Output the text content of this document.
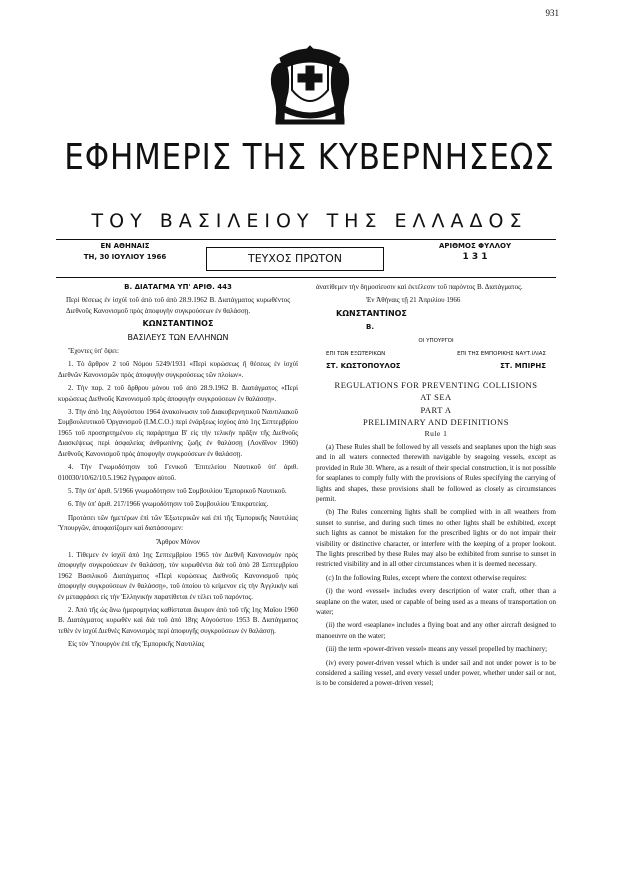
931
ΕΦΗΜΕΡΙΣ ΤΗΣ ΚΥΒΕΡΝΗΣΕΩΣ
ΤΟΥ ΒΑΣΙΛΕΙΟΥ ΤΗΣ ΕΛΛΑΔΟΣ
ΕΝ ΑΘΗΝΑΙΣ
ΤΗ, 30 ΙΟΥΛΙΟΥ 1966	ΤΕΥΧΟΣ ΠΡΩΤΟΝ
ΑΡΙΘΜΟΣ ΦΥΛΛΟΥ
1 3 1

Β. ΔΙΑΤΑΓΜΑ ΥΠ' ΑΡΙΘ. 443

Περί θέσεως ἐν ἰσχύϊ τοῦ ἀπὸ τοῦ ἀπὸ 28.9.1962 Β. Διατάγματος κυρωθέντος Διεθνοῦς Κανονισμοῦ πρὸς ἀποφυγὴν συγκρούσεων ἐν θαλάσσῃ.

ΚΩΝΣΤΑΝΤΙΝΟΣ

ΒΑΣΙΛΕΥΣ ΤΩΝ ΕΛΛΗΝΩΝ

Ἔχοντες ὑπ' ὄψει:

1. Τὸ ἄρθρον 2 τοῦ Νόμου 5249/1931 «Περὶ κυρώσεως ἢ θέσεως ἐν ἰσχύϊ Διεθνῶν Κανονισμῶν πρὸς ἀποφυγὴν συγκρούσεως τῶν πλοίων».

2. Τὴν παρ. 2 τοῦ ἄρθρου μόνου τοῦ ἀπὸ 28.9.1962 Β. Διατάγματος «Περὶ κυρώσεως Διεθνοῦς Κανονισμοῦ πρὸς ἀποφυγὴν συγκρούσεων ἐν θαλάσσῃ».

3. Τὴν ἀπὸ 1ης Αὐγούστου 1964 ἀνακοίνωσιν τοῦ Διακυβερνητικοῦ Ναυτιλιακοῦ Συμβουλευτικοῦ Ὀργανισμοῦ (Ι.Μ.C.Ο.) περὶ ἐνάρξεως ἰσχύος ἀπὸ 1ης Σεπτεμβρίου 1965 τοῦ προσηρτημένου εἰς παράρτημα Β' εἰς τὴν τελικὴν πρᾶξιν τῆς Διεθνοῦς Διασκέψεως περὶ ἀσφαλείας ἀνθρωπίνης ζωῆς ἐν θαλάσσῃ (Λονδῖνον 1960) Διεθνοῦς Κανονισμοῦ πρὸς ἀποφυγὴν συγκρούσεων ἐν θαλάσσῃ.

4. Τὴν Γνωμοδότησιν τοῦ Γενικοῦ Ἐπιτελείου Ναυτικοῦ ὑπ' ἀριθ. 010030/10/62/10.5.1962 ἔγγραφον αὐτοῦ.

5. Τὴν ὑπ' ἀριθ. 5/1966 γνωμοδότησιν τοῦ Συμβουλίου Ἐμπορικοῦ Ναυτικοῦ.

6. Τὴν ὑπ' ἀριθ. 217/1966 γνωμοδότησιν τοῦ Συμβουλίου Ἐπικρατείας.

Προτάσει τῶν ἡμετέρων ἐπὶ τῶν Ἐξωτερικῶν καὶ ἐπὶ τῆς Ἐμπορικῆς Ναυτιλίας Ὑπουργῶν, ἀποφασίζομεν καὶ διατάσσομεν:

Ἄρθρον Μόνον

1. Τίθεμεν ἐν ἰσχύϊ ἀπὸ 1ης Σεπτεμβρίου 1965 τὸν Διεθνῆ Κανονισμὸν πρὸς ἀποφυγὴν συγκρούσεων ἐν θαλάσσῃ, τὸν κυρωθέντα διὰ τοῦ ἀπὸ 28 Σεπτεμβρίου 1962 Βασιλικοῦ Διατάγματος «Περὶ κυρώσεως Διεθνοῦς Κανονισμοῦ πρὸς ἀποφυγὴν συγκρούσεων ἐν θαλάσσῃ», τοῦ ὁποίου τὸ κείμενον εἰς τὴν Ἀγγλικὴν καὶ ἐν μεταφράσει εἰς τὴν Ἑλληνικὴν παρατίθεται ἐν τέλει τοῦ παρόντος.

2. Ἀπὸ τῆς ὡς ἄνω ἡμερομηνίας καθίσταται ἄκυρον ἀπὸ τοῦ τῆς 1ης Μαΐου 1960 Β. Διατάγματος κυρωθὲν καὶ διὰ τοῦ ἀπὸ 18ης Αὐγούστου 1953 Β. Διατάγματος τεθὲν ἐν ἰσχύϊ Διεθνὲς Κανονισμὸς περὶ ἀποφυγῆς συγκρούσεων ἐν θαλάσσῃ.

Εἰς τὸν Ὑπουργὸν ἐπὶ τῆς Ἐμπορικῆς Ναυτιλίας

ἀνατίθεμεν τὴν δημοσίευσιν καὶ ἐκτέλεσιν τοῦ παρόντος Β. Διατάγματος.

Ἐν Ἀθήναις τῇ 21 Ἀπριλίου 1966

ΚΩΝΣΤΑΝΤΙΝΟΣ

Β.

ΟΙ ΥΠΟΥΡΓΟΙ

ΕΠΙ ΤΩΝ ΕΞΩΤΕΡΙΚΩΝ	ΕΠΙ ΤΗΣ ΕΜΠΟΡΙΚΗΣ ΝΑΥΤ.ΙΛΙΑΣ
ΣΤ. ΚΩΣΤΟΠΟΥΛΟΣ	ΣΤ. ΜΠΙΡΗΣ
REGULATIONS FOR PREVENTING COLLISIONS
AT SEA
PART A
PRELIMINARY AND DEFINITIONS
Rule 1

(a) These Rules shall be followed by all vessels and seaplanes upon the high seas and in all waters connected therewith navigable by seagoing vessels, except as provided in Rule 30. Where, as a result of their special construction, it is not possible for seaplanes to comply fully with the provisions of Rules specifying the carrying of lights and shapes, these provisions shall be followed as closely as circumstances permit.

(b) The Rules concerning lights shall be complied with in all weathers from sunset to sunrise, and during such times no other lights shall be exhibited, except such lights as cannot be mistaken for the prescribed lights or do not impair their visibility or distinctive character, or interfere with the keeping of a proper lookout. The lights prescribed by these Rules may also be exhibited from sunrise to sunset in restricted visibility and in all other circumstances when it is deemed necessary.

(c) In the following Rules, except where the context otherwise requires:

(i) the word «vessel» includes every description of water craft, other than a seaplane on the water, used or capable of being used as a means of transportation on water;

(ii) the word «seaplane» includes a flying boat and any other aircraft designed to manoeuvre on the water;

(iii) the term «power-driven vessel» means any vessel propelled by machinery;

(iv) every power-driven vessel which is under sail and not under power is to be considered a sailing vessel, and every vessel under power, whether under sail or not, is to be considered a power-driven vessel;
